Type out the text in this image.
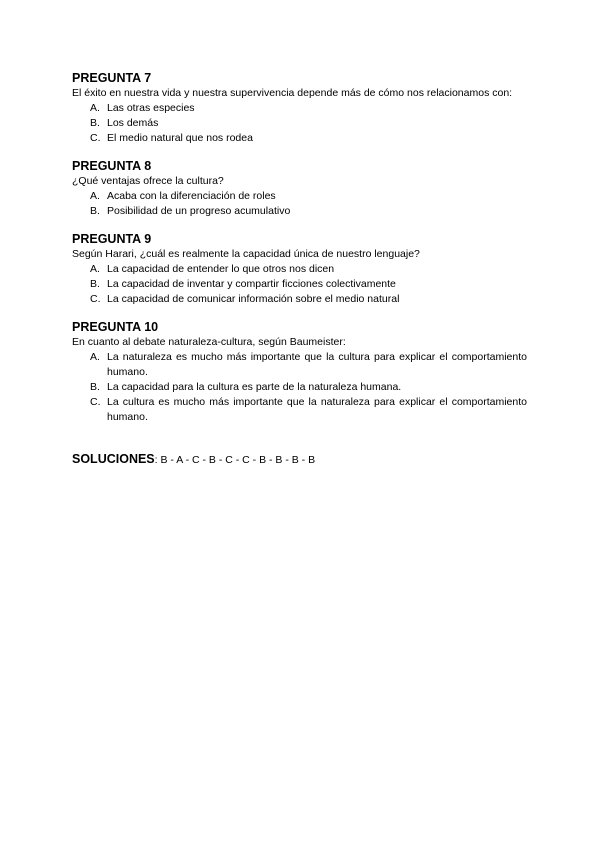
PREGUNTA 7

El éxito en nuestra vida y nuestra supervivencia depende más de cómo nos relacionamos con:

A. Las otras especies
B. Los demás
C. El medio natural que nos rodea

PREGUNTA 8

¿Qué ventajas ofrece la cultura?

A. Acaba con la diferenciación de roles
B. Posibilidad de un progreso acumulativo

PREGUNTA 9

Según Harari, ¿cuál es realmente la capacidad única de nuestro lenguaje?

A. La capacidad de entender lo que otros nos dicen
B. La capacidad de inventar y compartir ficciones colectivamente
C. La capacidad de comunicar información sobre el medio natural

PREGUNTA 10

En cuanto al debate naturaleza-cultura, según Baumeister:

A. La naturaleza es mucho más importante que la cultura para explicar el comportamiento humano.
B. La capacidad para la cultura es parte de la naturaleza humana.
C. La cultura es mucho más importante que la naturaleza para explicar el comportamiento humano.
SOLUCIONES: B - A - C - B - C - C - B - B - B - B
